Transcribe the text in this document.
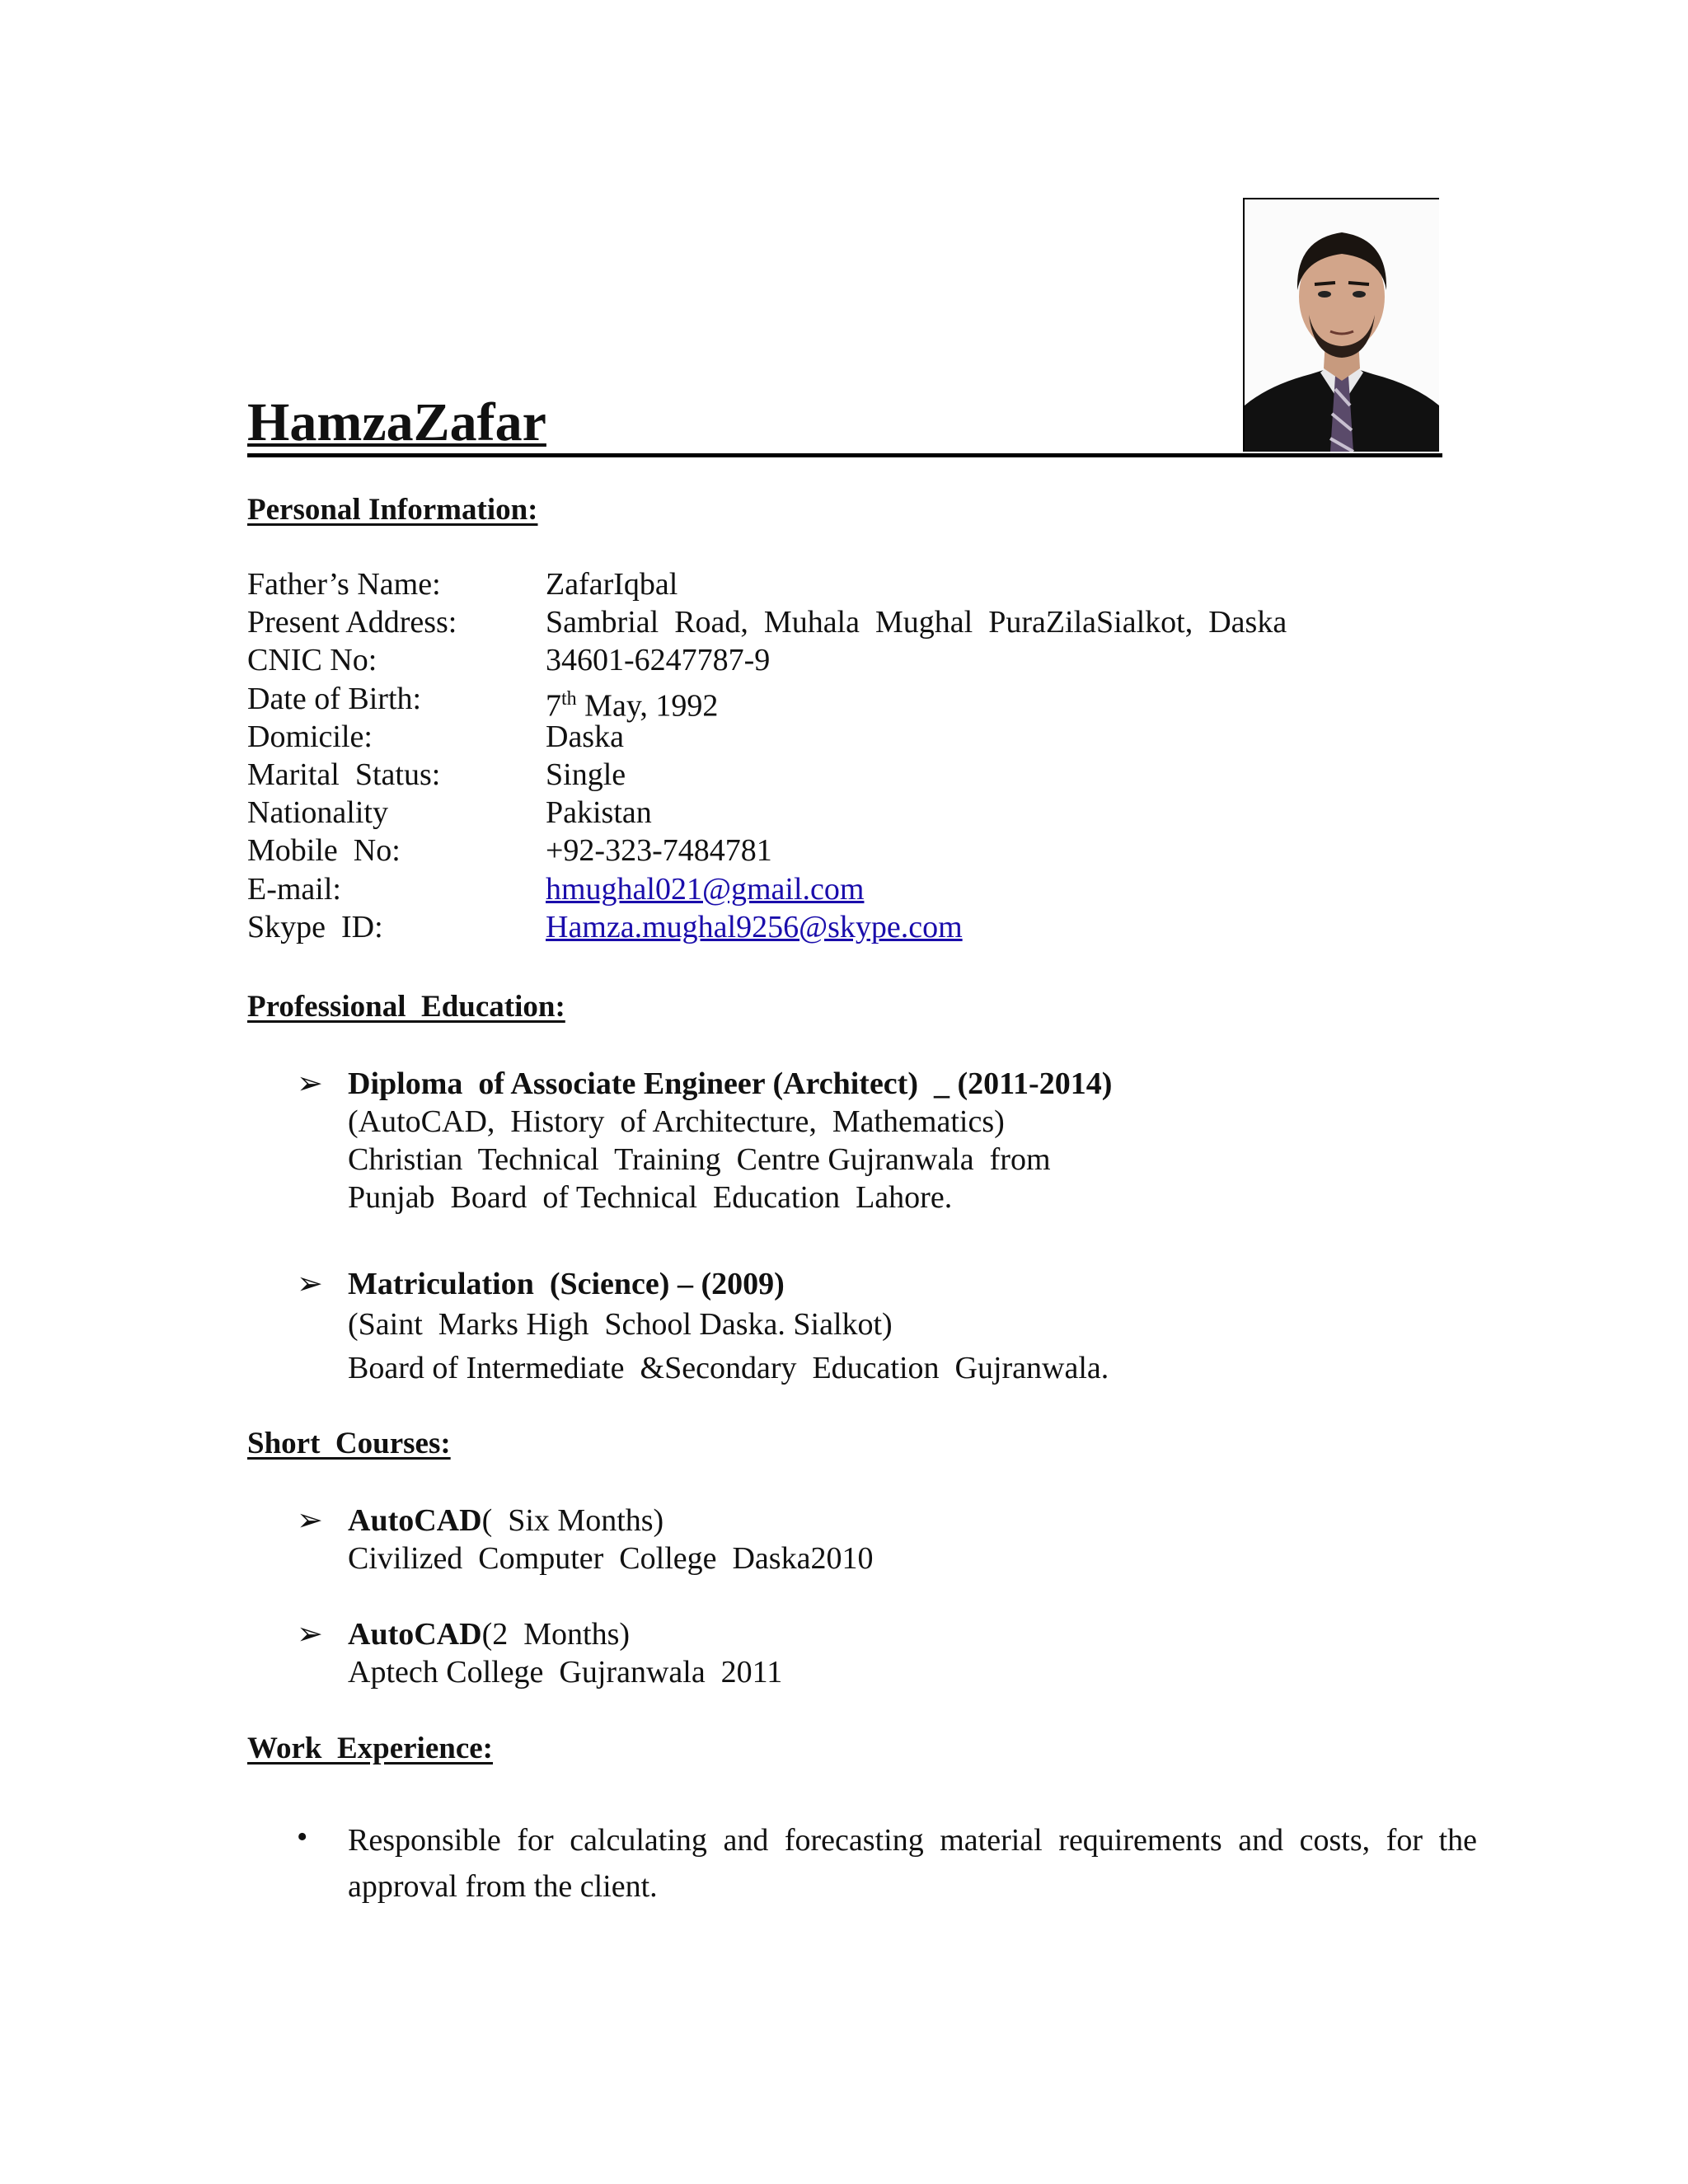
HamzaZafar
Personal Information:
Father’s Name:	ZafarIqbal
Present Address:	Sambrial  Road,  Muhala  Mughal  PuraZilaSialkot,  Daska
CNIC No:	34601-6247787-9
Date of Birth:	7th May, 1992
Domicile:	Daska
Marital  Status:	Single
Nationality	Pakistan
Mobile  No:	+92-323-7484781
E-mail:	hmughal021@gmail.com
Skype  ID:	Hamza.mughal9256@skype.com
Professional  Education:
➢ Diploma  of Associate Engineer (Architect)  _ (2011-2014)
(AutoCAD,  History  of Architecture,  Mathematics)
Christian  Technical  Training  Centre Gujranwala  from
Punjab  Board  of Technical  Education  Lahore.
➢ Matriculation  (Science) – (2009)
(Saint  Marks High  School Daska. Sialkot)
Board of Intermediate  &Secondary  Education  Gujranwala.
Short  Courses:
➢ AutoCAD(  Six Months)
Civilized  Computer  College  Daska2010
➢ AutoCAD(2  Months)
Aptech College  Gujranwala  2011
Work  Experience:
•	Responsible for calculating and forecasting material requirements and costs, for the approval from the client.
